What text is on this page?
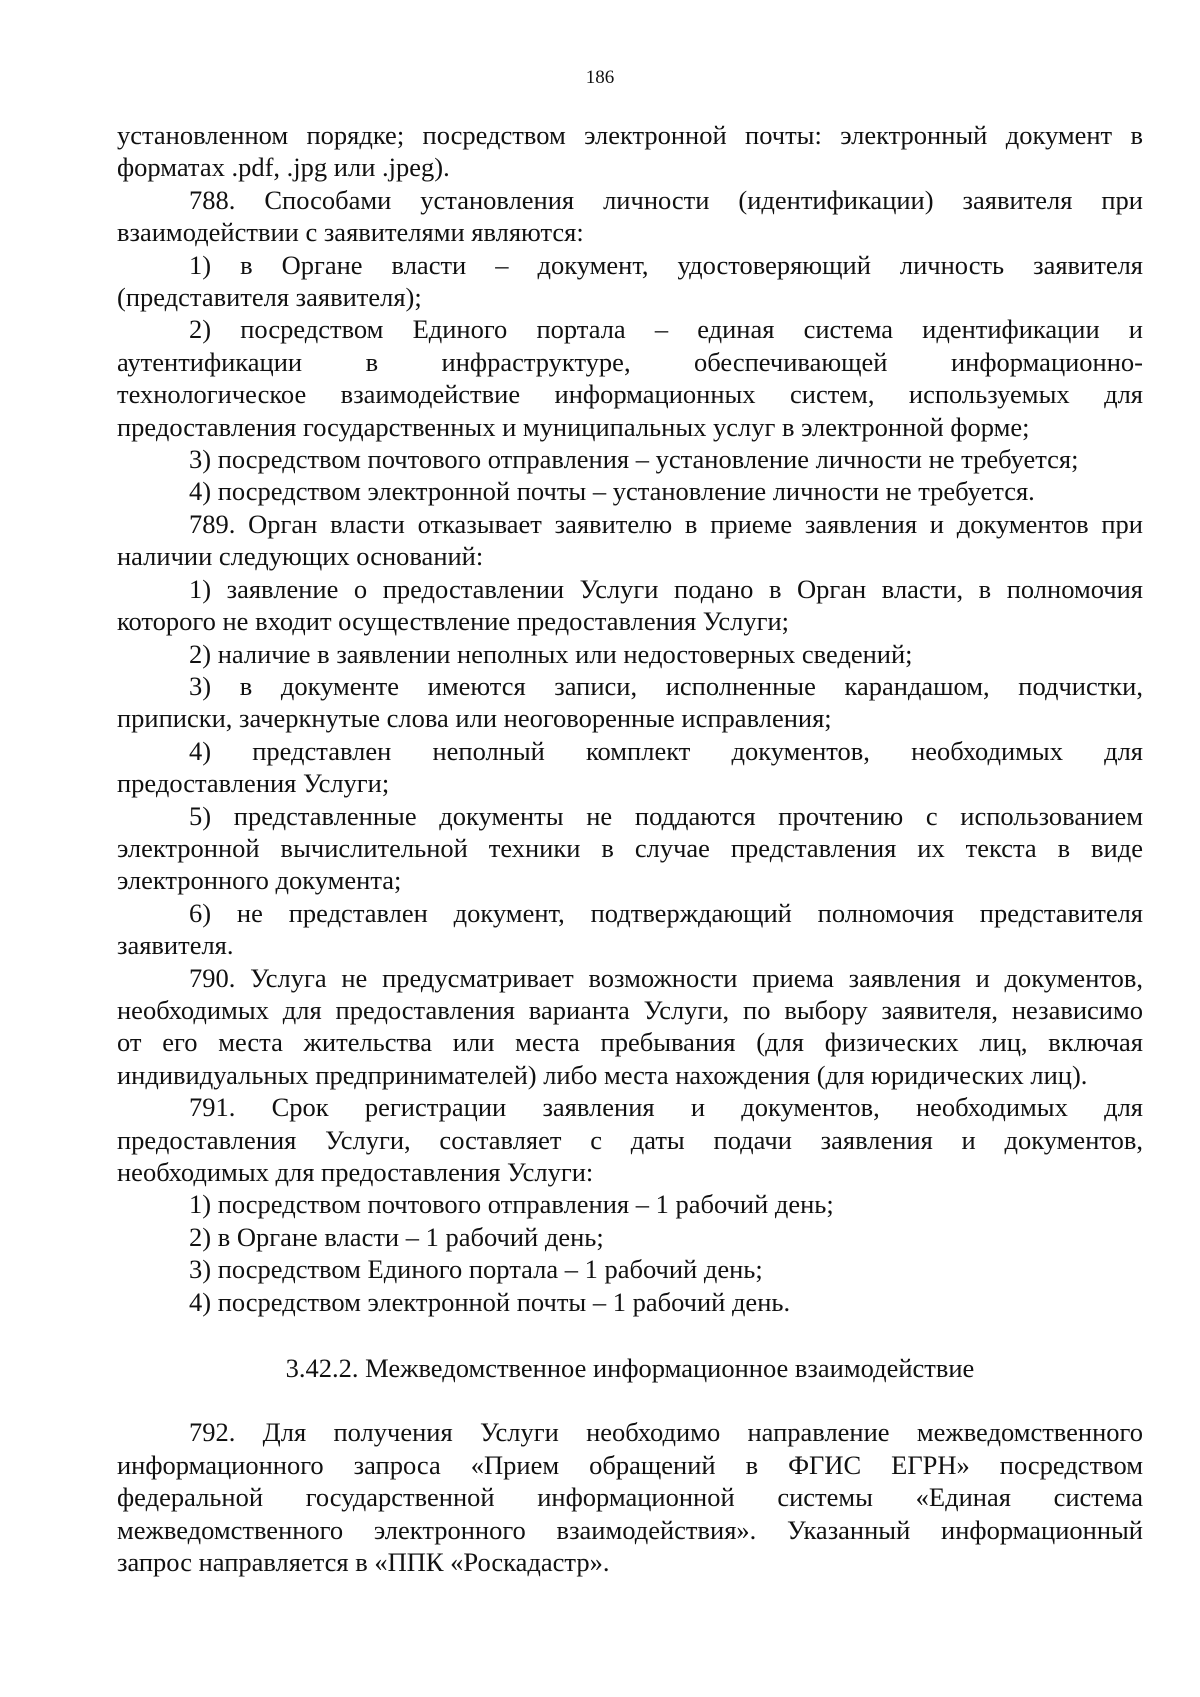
186

установленном порядке; посредством электронной почты: электронный документ в

форматах .pdf, .jpg или .jpeg).

788. Способами установления личности (идентификации) заявителя при

взаимодействии с заявителями являются:

1) в Органе власти – документ, удостоверяющий личность заявителя

(представителя заявителя);

2) посредством Единого портала – единая система идентификации и

аутентификации в инфраструктуре, обеспечивающей информационно-

технологическое взаимодействие информационных систем, используемых для

предоставления государственных и муниципальных услуг в электронной форме;

3) посредством почтового отправления – установление личности не требуется;

4) посредством электронной почты – установление личности не требуется.

789. Орган власти отказывает заявителю в приеме заявления и документов при

наличии следующих оснований:

1) заявление о предоставлении Услуги подано в Орган власти, в полномочия

которого не входит осуществление предоставления Услуги;

2) наличие в заявлении неполных или недостоверных сведений;

3) в документе имеются записи, исполненные карандашом, подчистки,

приписки, зачеркнутые слова или неоговоренные исправления;

4) представлен неполный комплект документов, необходимых для

предоставления Услуги;

5) представленные документы не поддаются прочтению с использованием

электронной вычислительной техники в случае представления их текста в виде

электронного документа;

6) не представлен документ, подтверждающий полномочия представителя

заявителя.

790. Услуга не предусматривает возможности приема заявления и документов,

необходимых для предоставления варианта Услуги, по выбору заявителя, независимо

от его места жительства или места пребывания (для физических лиц, включая

индивидуальных предпринимателей) либо места нахождения (для юридических лиц).

791. Срок регистрации заявления и документов, необходимых для

предоставления Услуги, составляет с даты подачи заявления и документов,

необходимых для предоставления Услуги:

1) посредством почтового отправления – 1 рабочий день;

2) в Органе власти – 1 рабочий день;

3) посредством Единого портала – 1 рабочий день;

4) посредством электронной почты – 1 рабочий день.

3.42.2. Межведомственное информационное взаимодействие

792. Для получения Услуги необходимо направление межведомственного

информационного запроса «Прием обращений в ФГИС ЕГРН» посредством

федеральной государственной информационной системы «Единая система

межведомственного электронного взаимодействия». Указанный информационный

запрос направляется в «ППК «Роскадастр».
